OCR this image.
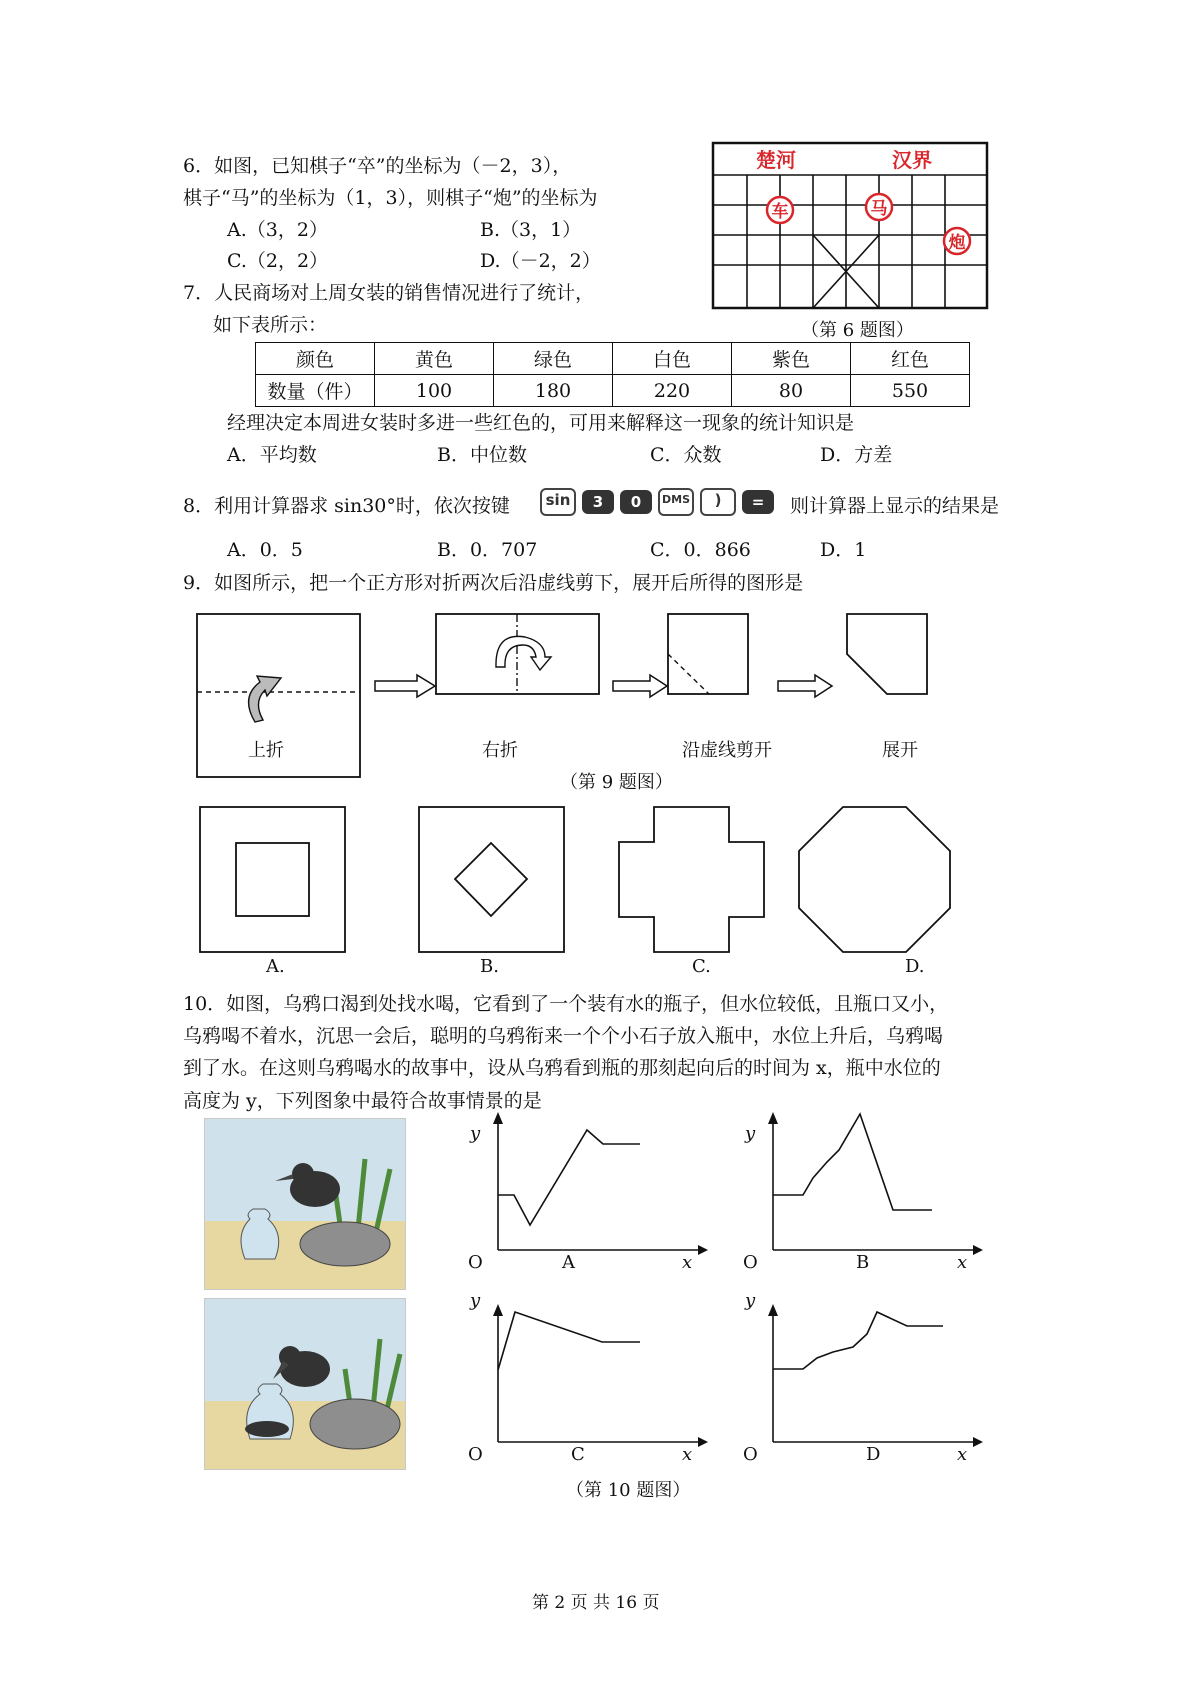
6．如图，已知棋子“卒”的坐标为（－2，3），
棋子“马”的坐标为（1，3），则棋子“炮”的坐标为
A.（3，2）	B.（3，1）
C.（2，2）	D.（－2，2）
楚河	汉界
车	马
炮
（第 6 题图）
7．人民商场对上周女装的销售情况进行了统计，
如下表所示：
颜色	黄色	绿色	白色	紫色	红色
数量（件）	100	180	220	80	550
经理决定本周进女装时多进一些红色的，可用来解释这一现象的统计知识是
A．平均数	B．中位数	C．众数	D．方差
8．利用计算器求 sin30°时，依次按键	sin 3 0 DMS ) =	则计算器上显示的结果是
A．0．5	B．0．707	C．0．866	D．1
9．如图所示，把一个正方形对折两次后沿虚线剪下，展开后所得的图形是
上折	右折	沿虚线剪开	展开
（第 9 题图）
A.	B.	C.	D.
10．如图，乌鸦口渴到处找水喝，它看到了一个装有水的瓶子，但水位较低，且瓶口又小，
乌鸦喝不着水，沉思一会后，聪明的乌鸦衔来一个个小石子放入瓶中，水位上升后，乌鸦喝
到了水。在这则乌鸦喝水的故事中，设从乌鸦看到瓶的那刻起向后的时间为 x，瓶中水位的
高度为 y，下列图象中最符合故事情景的是
y
O	A	x
y
O	B	x
y
O	C	x
y
O	D	x
（第 10 题图）
第 2 页 共 16 页
